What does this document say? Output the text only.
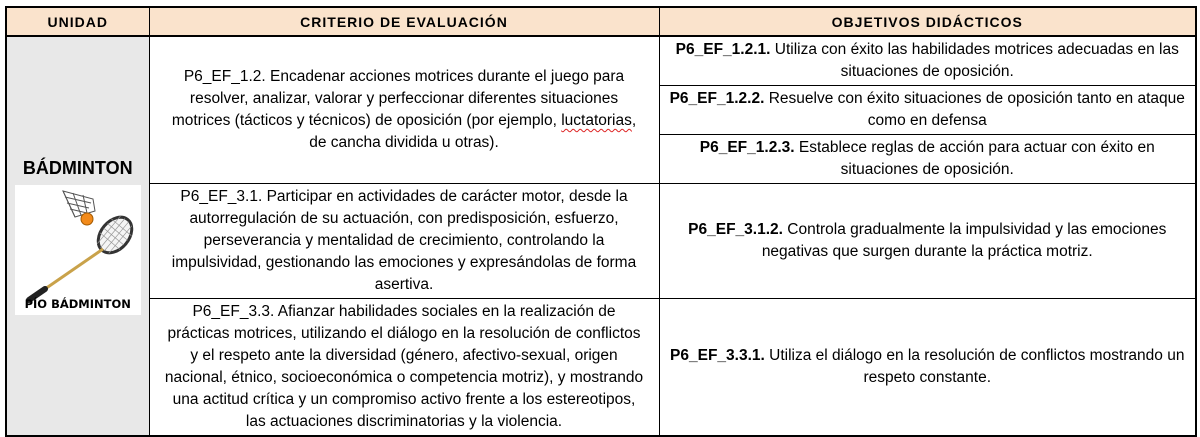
UNIDAD	CRITERIO DE EVALUACIÓN	OBJETIVOS DIDÁCTICOS

BÁDMINTON
PÍO BÁDMINTON	P6_EF_1.2. Encadenar acciones motrices durante el juego para resolver, analizar, valorar y perfeccionar diferentes situaciones motrices (tácticos y técnicos) de oposición (por ejemplo, luctatorias, de cancha dividida u otras).	P6_EF_1.2.1. Utiliza con éxito las habilidades motrices adecuadas en las situaciones de oposición.
		P6_EF_1.2.2. Resuelve con éxito situaciones de oposición tanto en ataque como en defensa
		P6_EF_1.2.3. Establece reglas de acción para actuar con éxito en situaciones de oposición.
	P6_EF_3.1. Participar en actividades de carácter motor, desde la autorregulación de su actuación, con predisposición, esfuerzo, perseverancia y mentalidad de crecimiento, controlando la impulsividad, gestionando las emociones y expresándolas de forma asertiva.	P6_EF_3.1.2. Controla gradualmente la impulsividad y las emociones negativas que surgen durante la práctica motriz.
	P6_EF_3.3. Afianzar habilidades sociales en la realización de prácticas motrices, utilizando el diálogo en la resolución de conflictos y el respeto ante la diversidad (género, afectivo-sexual, origen nacional, étnico, socioeconómica o competencia motriz), y mostrando una actitud crítica y un compromiso activo frente a los estereotipos, las actuaciones discriminatorias y la violencia.	P6_EF_3.3.1. Utiliza el diálogo en la resolución de conflictos mostrando un respeto constante.
